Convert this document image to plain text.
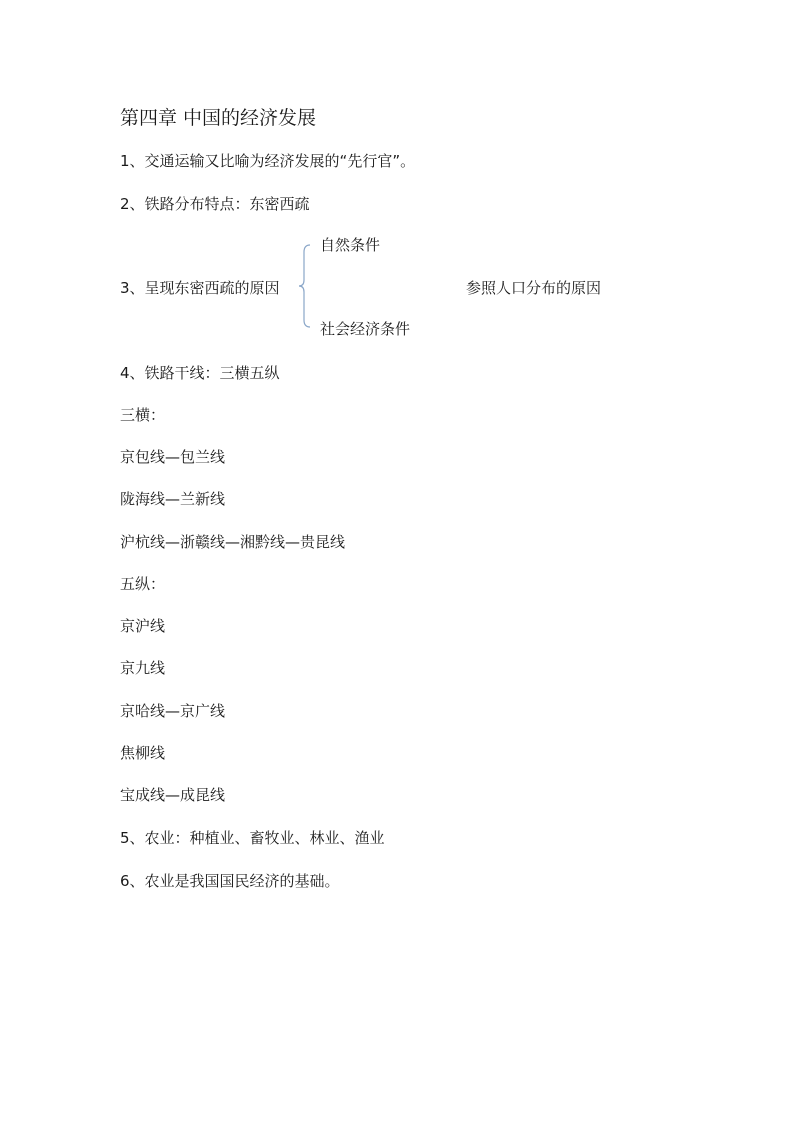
第四章 中国的经济发展
1、交通运输又比喻为经济发展的“先行官”。
2、铁路分布特点：东密西疏
自然条件
3、呈现东密西疏的原因	参照人口分布的原因
社会经济条件
4、铁路干线：三横五纵
三横：
京包线—包兰线
陇海线—兰新线
沪杭线—浙赣线—湘黔线—贵昆线
五纵：
京沪线
京九线
京哈线—京广线
焦柳线
宝成线—成昆线
5、农业：种植业、畜牧业、林业、渔业
6、农业是我国国民经济的基础。
